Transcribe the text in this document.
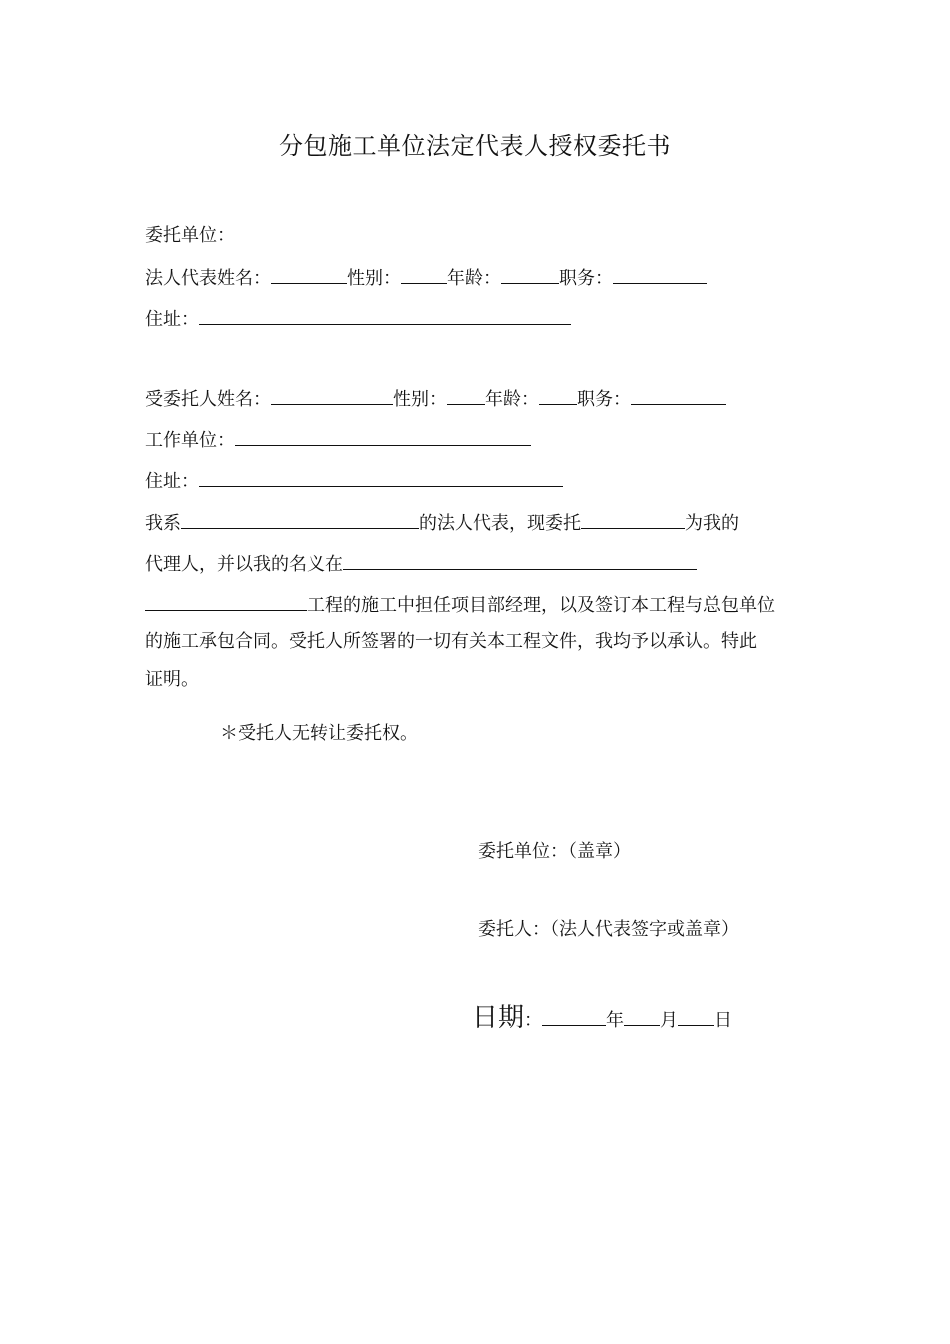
分包施工单位法定代表人授权委托书
委托单位：
法人代表姓名：	性别：	年龄：	职务：
住址：
受委托人姓名：	性别： 年龄： 职务：
工作单位：
住址：
我系	的法人代表，现委托	为我的
代理人，并以我的名义在
工程的施工中担任项目部经理，以及签订本工程与总包单位
的施工承包合同。受托人所签署的一切有关本工程文件，我均予以承认。特此
证明。
＊受托人无转让委托权。
委托单位：（盖章）
委托人：（法人代表签字或盖章）
日期：	年 月 日
